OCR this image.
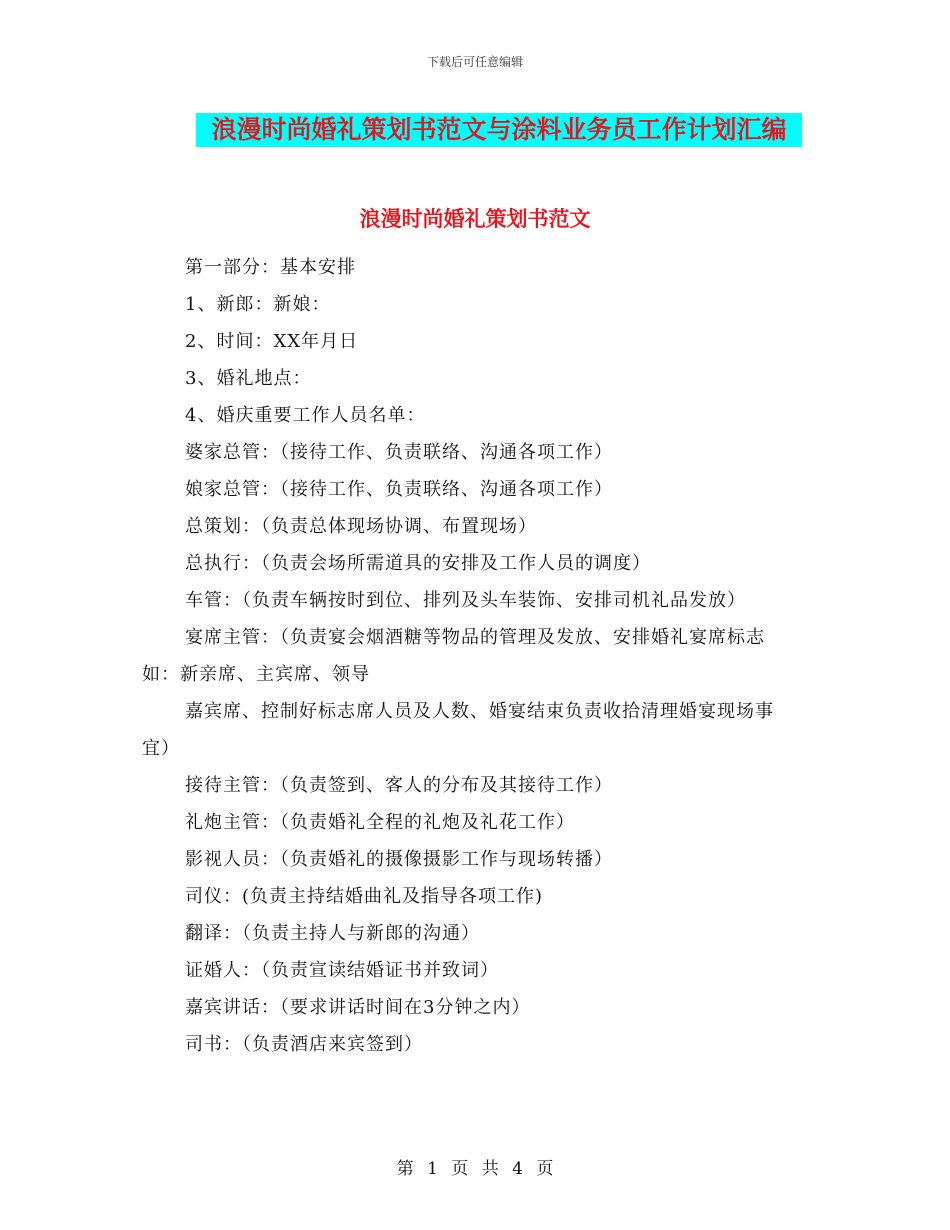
下载后可任意编辑
浪漫时尚婚礼策划书范文与涂料业务员工作计划汇编
浪漫时尚婚礼策划书范文

第一部分：基本安排

1、新郎：新娘：

2、时间：XX年月日

3、婚礼地点：

4、婚庆重要工作人员名单：

婆家总管：（接待工作、负责联络、沟通各项工作）

娘家总管：（接待工作、负责联络、沟通各项工作）

总策划：（负责总体现场协调、布置现场）

总执行：（负责会场所需道具的安排及工作人员的调度）

车管：（负责车辆按时到位、排列及头车装饰、安排司机礼品发放）

宴席主管：（负责宴会烟酒糖等物品的管理及发放、安排婚礼宴席标志如：新亲席、主宾席、领导

嘉宾席、控制好标志席人员及人数、婚宴结束负责收拾清理婚宴现场事宜）

接待主管：（负责签到、客人的分布及其接待工作）

礼炮主管：（负责婚礼全程的礼炮及礼花工作）

影视人员：（负责婚礼的摄像摄影工作与现场转播）

司仪：(负责主持结婚曲礼及指导各项工作)

翻译：（负责主持人与新郎的沟通）

证婚人：（负责宣读结婚证书并致词）

嘉宾讲话：（要求讲话时间在3分钟之内）

司书：（负责酒店来宾签到）

第 1 页 共 4 页
